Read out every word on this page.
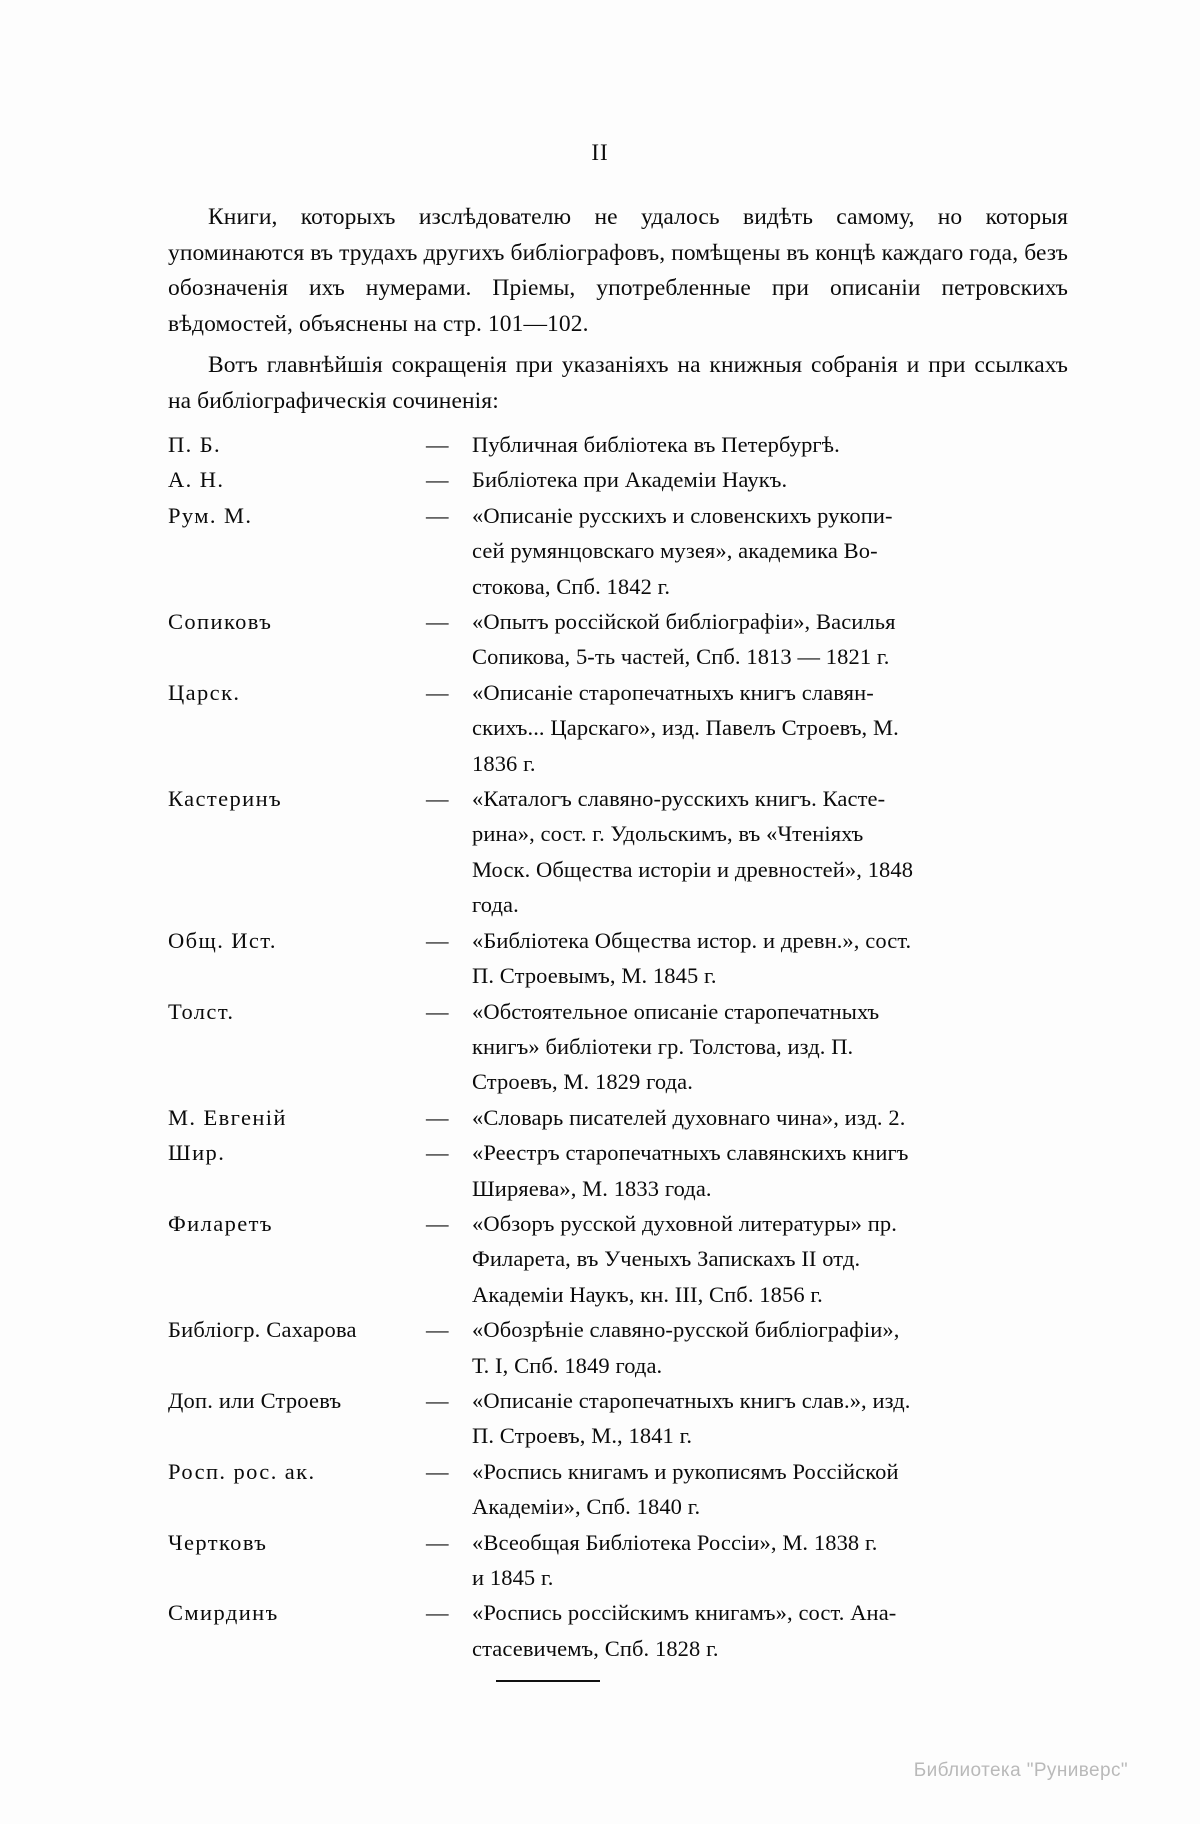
II

Книги, которыхъ изслѣдователю не удалось видѣть самому, но которыя упоминаются въ трудахъ другихъ библіографовъ, помѣщены въ концѣ каждаго года, безъ обозначенія ихъ нумерами. Пріемы, употребленные при описаніи петровскихъ вѣдомостей, объяснены на стр. 101—102.

Вотъ главнѣйшія сокращенія при указаніяхъ на книжныя собранія и при ссылкахъ на библіографическія сочиненія:

П. Б.	—	Публичная библіотека въ Петербургѣ.
А. Н.	—	Библіотека при Академіи Наукъ.
Рум. М.	—	«Описаніе русскихъ и словенскихъ рукопи-
сей румянцовскаго музея», академика Во-
стокова, Спб. 1842 г.
Сопиковъ	—	«Опытъ россійской библіографіи», Василья
Сопикова, 5-ть частей, Спб. 1813 — 1821 г.
Царск.	—	«Описаніе старопечатныхъ книгъ славян-
скихъ... Царскаго», изд. Павелъ Строевъ, М.
1836 г.
Кастеринъ	—	«Каталогъ славяно-русскихъ книгъ. Касте-
рина», сост. г. Удольскимъ, въ «Чтеніяхъ
Моск. Общества исторіи и древностей», 1848
года.
Общ. Ист.	—	«Библіотека Общества истор. и древн.», сост.
П. Строевымъ, М. 1845 г.
Толст.	—	«Обстоятельное описаніе старопечатныхъ
книгъ» библіотеки гр. Толстова, изд. П.
Строевъ, М. 1829 года.
М. Евгеній	—	«Словарь писателей духовнаго чина», изд. 2.
Шир.	—	«Реестръ старопечатныхъ славянскихъ книгъ
Ширяева», М. 1833 года.
Филаретъ	—	«Обзоръ русской духовной литературы» пр.
Филарета, въ Ученыхъ Запискахъ II отд.
Академіи Наукъ, кн. III, Спб. 1856 г.
Библіогр. Сахарова	—	«Обозрѣніе славяно-русской библіографіи»,
Т. I, Спб. 1849 года.
Доп. или Строевъ	—	«Описаніе старопечатныхъ книгъ слав.», изд.
П. Строевъ, М., 1841 г.
Росп. рос. ак.	—	«Роспись книгамъ и рукописямъ Россійской
Академіи», Спб. 1840 г.
Чертковъ	—	«Всеобщая Библіотека Россіи», М. 1838 г.
и 1845 г.
Смирдинъ	—	«Роспись россійскимъ книгамъ», сост. Ана-
стасевичемъ, Спб. 1828 г.
Библиотека "Руниверс"
